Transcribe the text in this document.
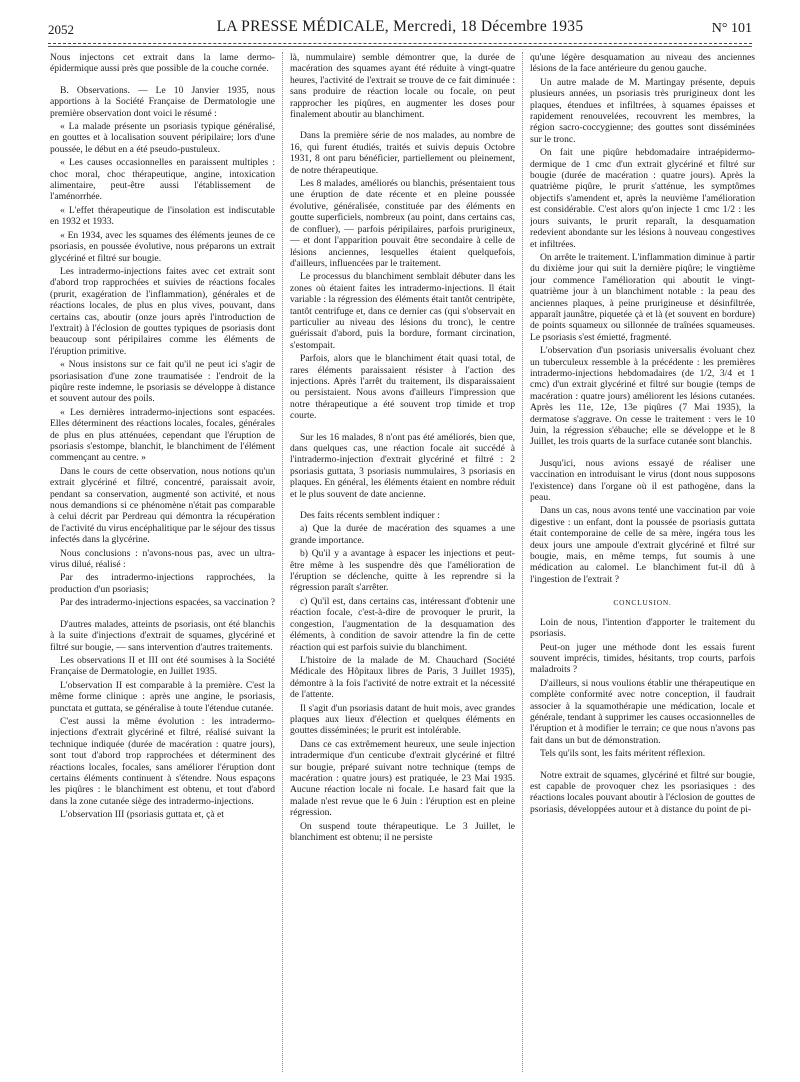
2052	LA PRESSE MÉDICALE, Mercredi, 18 Décembre 1935	N° 101

Nous injectons cet extrait dans la lame dermo-épidermique aussi près que possible de la couche cornée.

B. Observations. — Le 10 Janvier 1935, nous apportions à la Société Française de Dermatologie une première observation dont voici le résumé :

« La malade présente un psoriasis typique généralisé, en gouttes et à localisation souvent péripilaire; lors d'une poussée, le début en a été pseudo-pustuleux.

« Les causes occasionnelles en paraissent multiples : choc moral, choc thérapeutique, angine, intoxication alimentaire, peut-être aussi l'établissement de l'aménorrhée.

« L'effet thérapeutique de l'insolation est indiscutable en 1932 et 1933.

« En 1934, avec les squames des éléments jeunes de ce psoriasis, en poussée évolutive, nous préparons un extrait glycériné et filtré sur bougie.

Les intradermo-injections faites avec cet extrait sont d'abord trop rapprochées et suivies de réactions focales (prurit, exagération de l'inflammation), générales et de réactions locales, de plus en plus vives, pouvant, dans certains cas, aboutir (onze jours après l'introduction de l'extrait) à l'éclosion de gouttes typiques de psoriasis dont beaucoup sont péripilaires comme les éléments de l'éruption primitive.

« Nous insistons sur ce fait qu'il ne peut ici s'agir de psoriasisation d'une zone traumatisée : l'endroit de la piqûre reste indemne, le psoriasis se développe à distance et souvent autour des poils.

« Les dernières intradermo-injections sont espacées. Elles déterminent des réactions locales, focales, générales de plus en plus atténuées, cependant que l'éruption de psoriasis s'estompe, blanchit, le blanchiment de l'élément commençant au centre. »

Dans le cours de cette observation, nous notions qu'un extrait glycériné et filtré, concentré, paraissait avoir, pendant sa conservation, augmenté son activité, et nous nous demandions si ce phénomène n'était pas comparable à celui décrit par Perdreau qui démontra la récupération de l'activité du virus encéphalitique par le séjour des tissus infectés dans la glycérine.

Nous conclusions : n'avons-nous pas, avec un ultra-virus dilué, réalisé :

Par des intradermo-injections rapprochées, la production d'un psoriasis;

Par des intradermo-injections espacées, sa vaccination ?

D'autres malades, atteints de psoriasis, ont été blanchis à la suite d'injections d'extrait de squames, glycériné et filtré sur bougie, — sans intervention d'autres traitements.

Les observations II et III ont été soumises à la Société Française de Dermatologie, en Juillet 1935.

L'observation II est comparable à la première. C'est la même forme clinique : après une angine, le psoriasis, punctata et guttata, se généralise à toute l'étendue cutanée.

C'est aussi la même évolution : les intradermo-injections d'extrait glycériné et filtré, réalisé suivant la technique indiquée (durée de macération : quatre jours), sont tout d'abord trop rapprochées et déterminent des réactions locales, focales, sans améliorer l'éruption dont certains éléments continuent à s'étendre. Nous espaçons les piqûres : le blanchiment est obtenu, et tout d'abord dans la zone cutanée siège des intradermo-injections.

L'observation III (psoriasis guttata et, çà et

là, nummulaire) semble démontrer que, la durée de macération des squames ayant été réduite à vingt-quatre heures, l'activité de l'extrait se trouve de ce fait diminuée : sans produire de réaction locale ou focale, on peut rapprocher les piqûres, en augmenter les doses pour finalement aboutir au blanchiment.

Dans la première série de nos malades, au nombre de 16, qui furent étudiés, traités et suivis depuis Octobre 1931, 8 ont paru bénéficier, partiellement ou pleinement, de notre thérapeutique.

Les 8 malades, améliorés ou blanchis, présentaient tous une éruption de date récente et en pleine poussée évolutive, généralisée, constituée par des éléments en goutte superficiels, nombreux (au point, dans certains cas, de confluer), — parfois péripilaires, parfois prurigineux, — et dont l'apparition pouvait être secondaire à celle de lésions anciennes, lesquelles étaient quelquefois, d'ailleurs, influencées par le traitement.

Le processus du blanchiment semblait débuter dans les zones où étaient faites les intradermo-injections. Il était variable : la régression des éléments était tantôt centripète, tantôt centrifuge et, dans ce dernier cas (qui s'observait en particulier au niveau des lésions du tronc), le centre guérissait d'abord, puis la bordure, formant circination, s'estompait.

Parfois, alors que le blanchiment était quasi total, de rares éléments paraissaient résister à l'action des injections. Après l'arrêt du traitement, ils disparaissaient ou persistaient. Nous avons d'ailleurs l'impression que notre thérapeutique a été souvent trop timide et trop courte.

Sur les 16 malades, 8 n'ont pas été améliorés, bien que, dans quelques cas, une réaction focale ait succédé à l'intradermo-injection d'extrait glycériné et filtré : 2 psoriasis guttata, 3 psoriasis nummulaires, 3 psoriasis en plaques. En général, les éléments étaient en nombre réduit et le plus souvent de date ancienne.

Des faits récents semblent indiquer :

a) Que la durée de macération des squames a une grande importance.

b) Qu'il y a avantage à espacer les injections et peut-être même à les suspendre dès que l'amélioration de l'éruption se déclenche, quitte à les reprendre si la régression paraît s'arrêter.

c) Qu'il est, dans certains cas, intéressant d'obtenir une réaction focale, c'est-à-dire de provoquer le prurit, la congestion, l'augmentation de la desquamation des éléments, à condition de savoir attendre la fin de cette réaction qui est parfois suivie du blanchiment.

L'histoire de la malade de M. Chauchard (Société Médicale des Hôpitaux libres de Paris, 3 Juillet 1935), démontre à la fois l'activité de notre extrait et la nécessité de l'attente.

Il s'agit d'un psoriasis datant de huit mois, avec grandes plaques aux lieux d'élection et quelques éléments en gouttes disséminées; le prurit est intolérable.

Dans ce cas extrêmement heureux, une seule injection intradermique d'un centicube d'extrait glycériné et filtré sur bougie, préparé suivant notre technique (temps de macération : quatre jours) est pratiquée, le 23 Mai 1935. Aucune réaction locale ni focale. Le hasard fait que la malade n'est revue que le 6 Juin : l'éruption est en pleine régression.

On suspend toute thérapeutique. Le 3 Juillet, le blanchiment est obtenu; il ne persiste

qu'une légère desquamation au niveau des anciennes lésions de la face antérieure du genou gauche.

Un autre malade de M. Martingay présente, depuis plusieurs années, un psoriasis très prurigineux dont les plaques, étendues et infiltrées, à squames épaisses et rapidement renouvelées, recouvrent les membres, la région sacro-coccygienne; des gouttes sont disséminées sur le tronc.

On fait une piqûre hebdomadaire intraépidermo-dermique de 1 cmc d'un extrait glycériné et filtré sur bougie (durée de macération : quatre jours). Après la quatrième piqûre, le prurit s'atténue, les symptômes objectifs s'amendent et, après la neuvième l'amélioration est considérable. C'est alors qu'on injecte 1 cmc 1/2 : les jours suivants, le prurit reparaît, la desquamation redevient abondante sur les lésions à nouveau congestives et infiltrées.

On arrête le traitement. L'inflammation diminue à partir du dixième jour qui suit la dernière piqûre; le vingtième jour commence l'amélioration qui aboutit le vingt-quatrième jour à un blanchiment notable : la peau des anciennes plaques, à peine prurigineuse et désinfiltrée, apparaît jaunâtre, piquetée çà et là (et souvent en bordure) de points squameux ou sillonnée de traînées squameuses. Le psoriasis s'est émietté, fragmenté.

L'observation d'un psoriasis universalis évoluant chez un tuberculeux ressemble à la précédente : les premières intradermo-injections hebdomadaires (de 1/2, 3/4 et 1 cmc) d'un extrait glycériné et filtré sur bougie (temps de macération : quatre jours) améliorent les lésions cutanées. Après les 11e, 12e, 13e piqûres (7 Mai 1935), la dermatose s'aggrave. On cesse le traitement : vers le 10 Juin, la régression s'ébauche; elle se développe et le 8 Juillet, les trois quarts de la surface cutanée sont blanchis.

Jusqu'ici, nous avions essayé de réaliser une vaccination en introduisant le virus (dont nous supposons l'existence) dans l'organe où il est pathogène, dans la peau.

Dans un cas, nous avons tenté une vaccination par voie digestive : un enfant, dont la poussée de psoriasis guttata était contemporaine de celle de sa mère, ingéra tous les deux jours une ampoule d'extrait glycériné et filtré sur bougie, mais, en même temps, fut soumis à une médication au calomel. Le blanchiment fut-il dû à l'ingestion de l'extrait ?

CONCLUSION.

Loin de nous, l'intention d'apporter le traitement du psoriasis.

Peut-on juger une méthode dont les essais furent souvent imprécis, timides, hésitants, trop courts, parfois maladroits ?

D'ailleurs, si nous voulions établir une thérapeutique en complète conformité avec notre conception, il faudrait associer à la squamothérapie une médication, locale et générale, tendant à supprimer les causes occasionnelles de l'éruption et à modifier le terrain; ce que nous n'avons pas fait dans un but de démonstration.

Tels qu'ils sont, les faits méritent réflexion.

Notre extrait de squames, glycériné et filtré sur bougie, est capable de provoquer chez les psoriasiques : des réactions locales pouvant aboutir à l'éclosion de gouttes de psoriasis, développées autour et à distance du point de pi-
